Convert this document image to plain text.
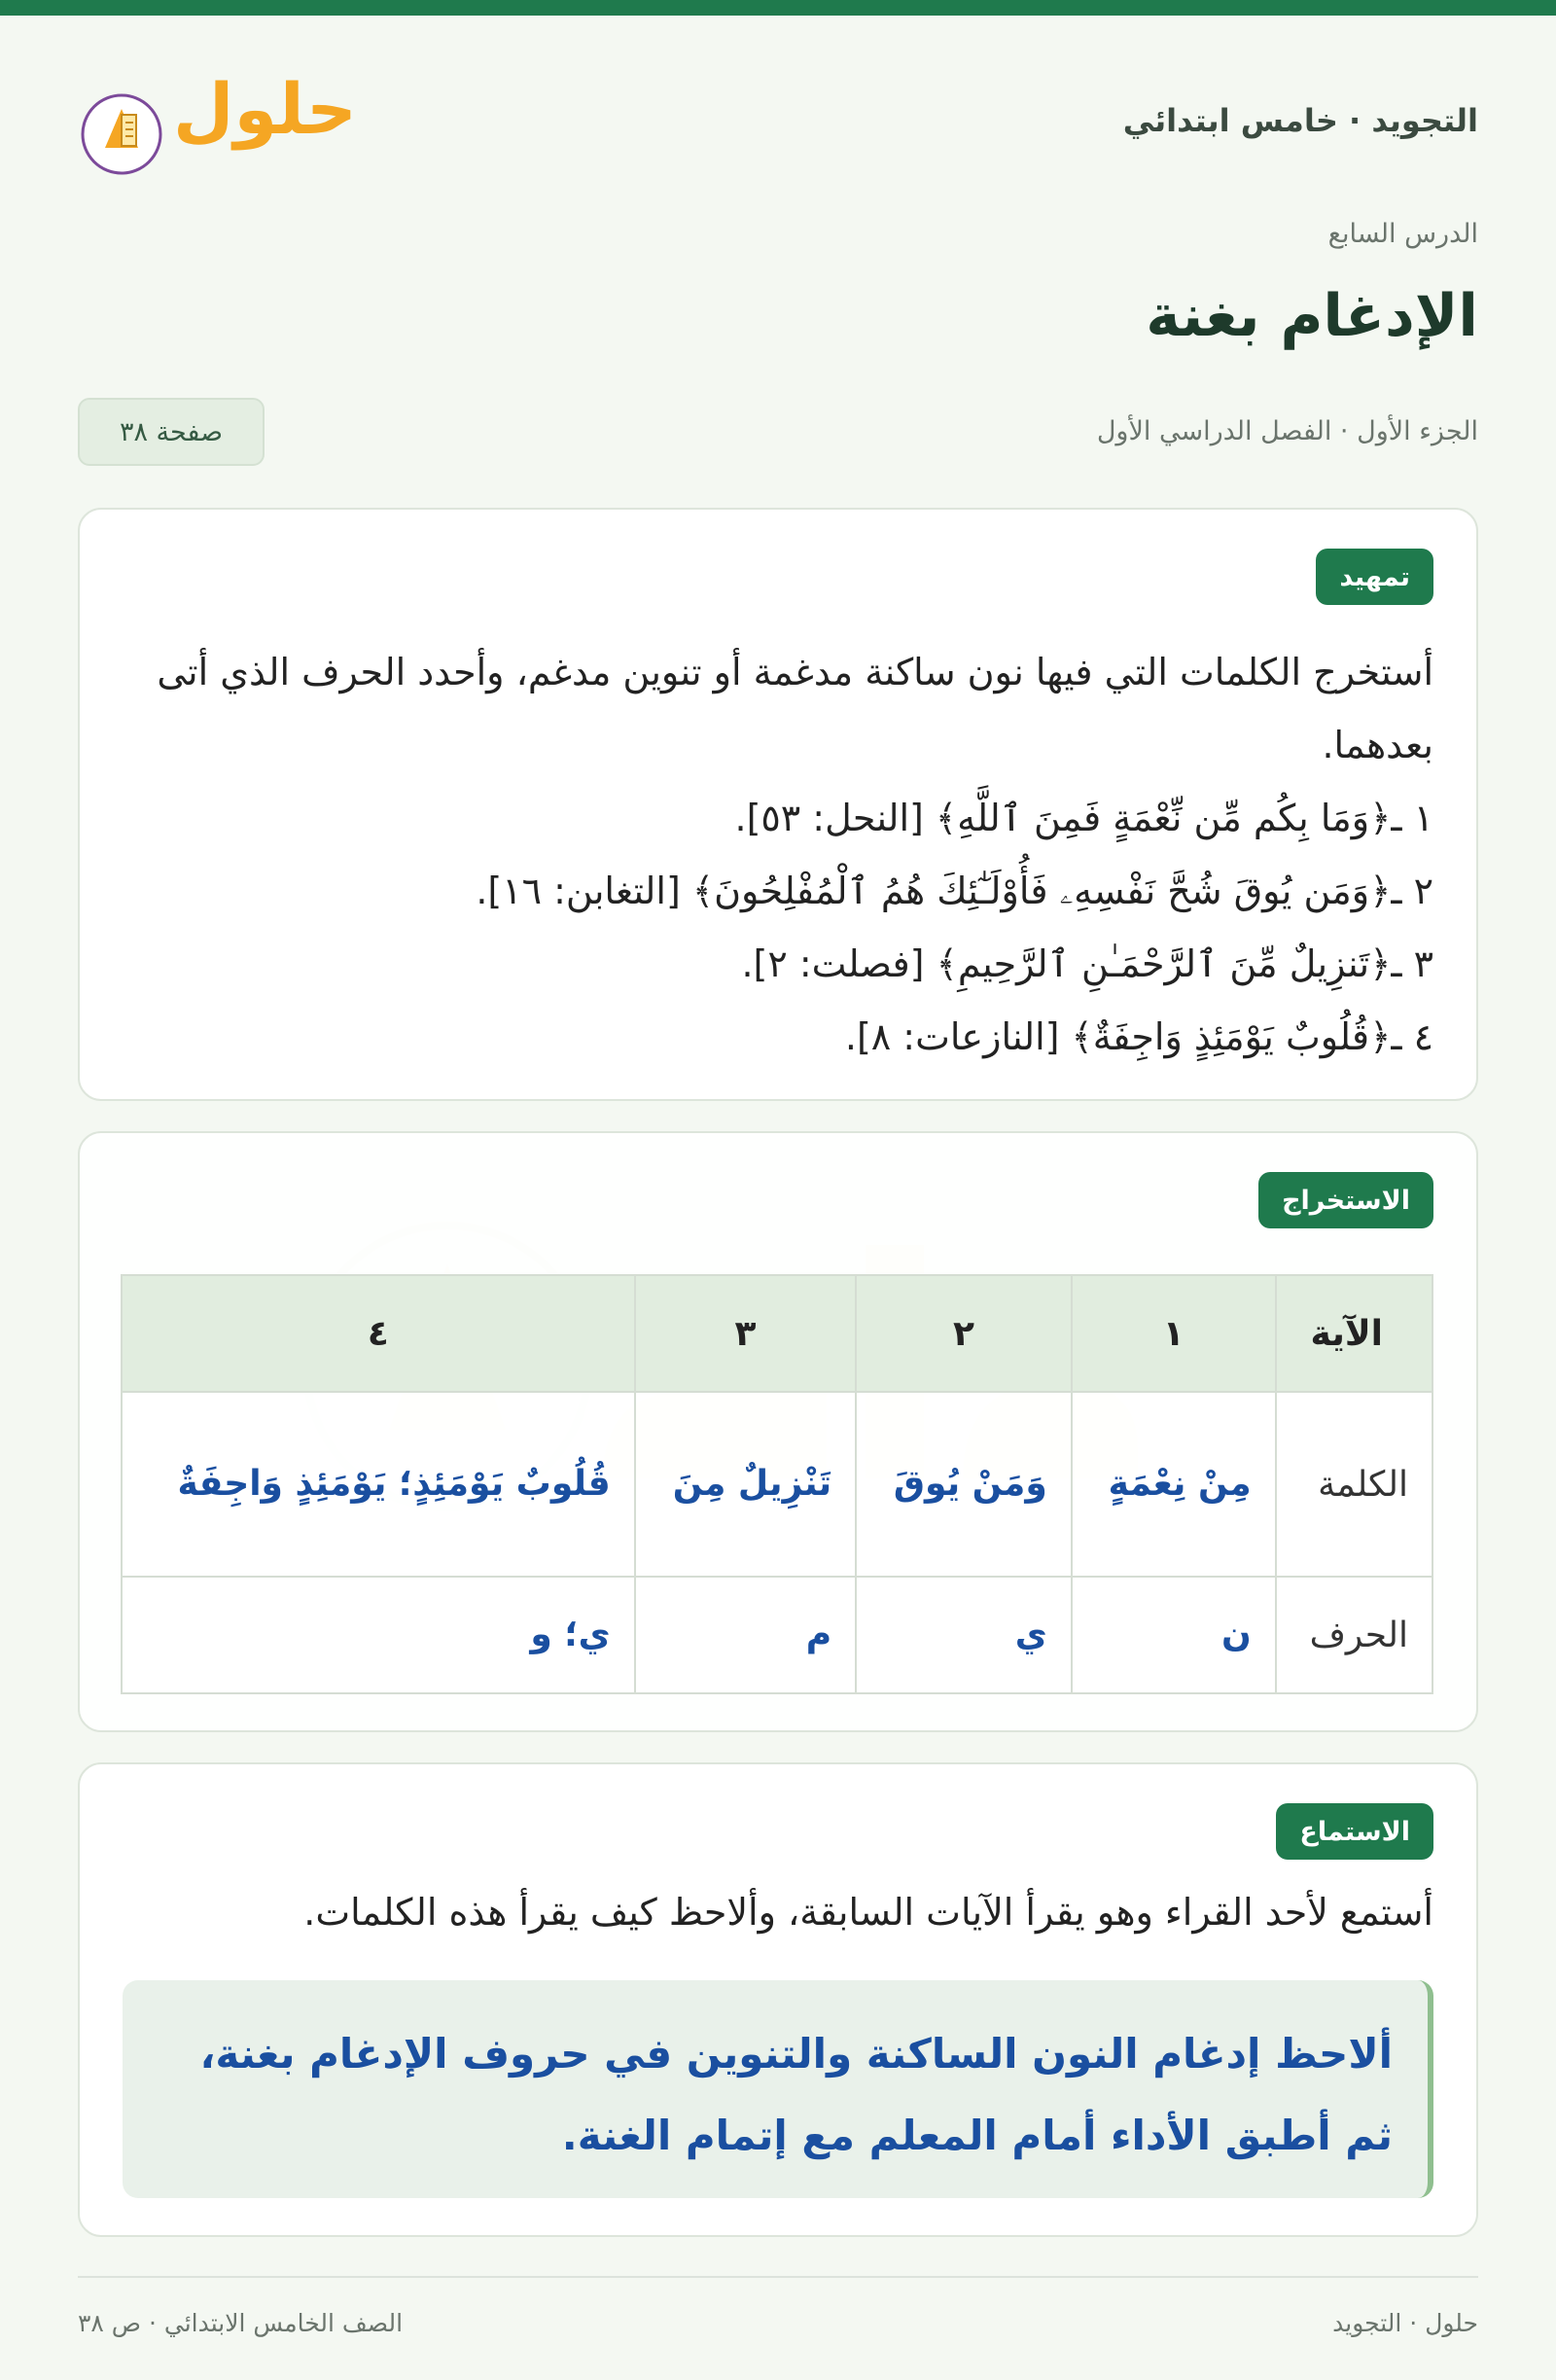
التجويد · خامس ابتدائي
حلول
الدرس السابع
الإدغام بغنة
الجزء الأول · الفصل الدراسي الأول
صفحة ٣٨
تمهيد

أستخرج الكلمات التي فيها نون ساكنة مدغمة أو تنوين مدغم، وأحدد الحرف الذي أتى بعدهما.

١ ـ﴿وَمَا بِكُم مِّن نِّعْمَةٍ فَمِنَ ٱللَّهِ﴾ [النحل: ٥٣].

٢ ـ﴿وَمَن يُوقَ شُحَّ نَفْسِهِۦ فَأُوْلَـٰٓئِكَ هُمُ ٱلْمُفْلِحُونَ﴾ [التغابن: ١٦].

٣ ـ﴿تَنزِيلٌ مِّنَ ٱلرَّحْمَـٰنِ ٱلرَّحِيمِ﴾ [فصلت: ٢].

٤ ـ﴿قُلُوبٌ يَوْمَئِذٍ وَاجِفَةٌ﴾ [النازعات: ٨].

الاستخراج
الآية	١	٢	٣	٤
الكلمة	مِنْ نِعْمَةٍ	وَمَنْ يُوقَ	تَنْزِيلٌ مِنَ	قُلُوبٌ يَوْمَئِذٍ؛ يَوْمَئِذٍ وَاجِفَةٌ
الحرف	ن	ي	م	ي؛ و
الاستماع
أستمع لأحد القراء وهو يقرأ الآيات السابقة، وألاحظ كيف يقرأ هذه الكلمات.
ألاحظ إدغام النون الساكنة والتنوين في حروف الإدغام بغنة،
ثم أطبق الأداء أمام المعلم مع إتمام الغنة.
حلول · التجويد
الصف الخامس الابتدائي · ص ٣٨
